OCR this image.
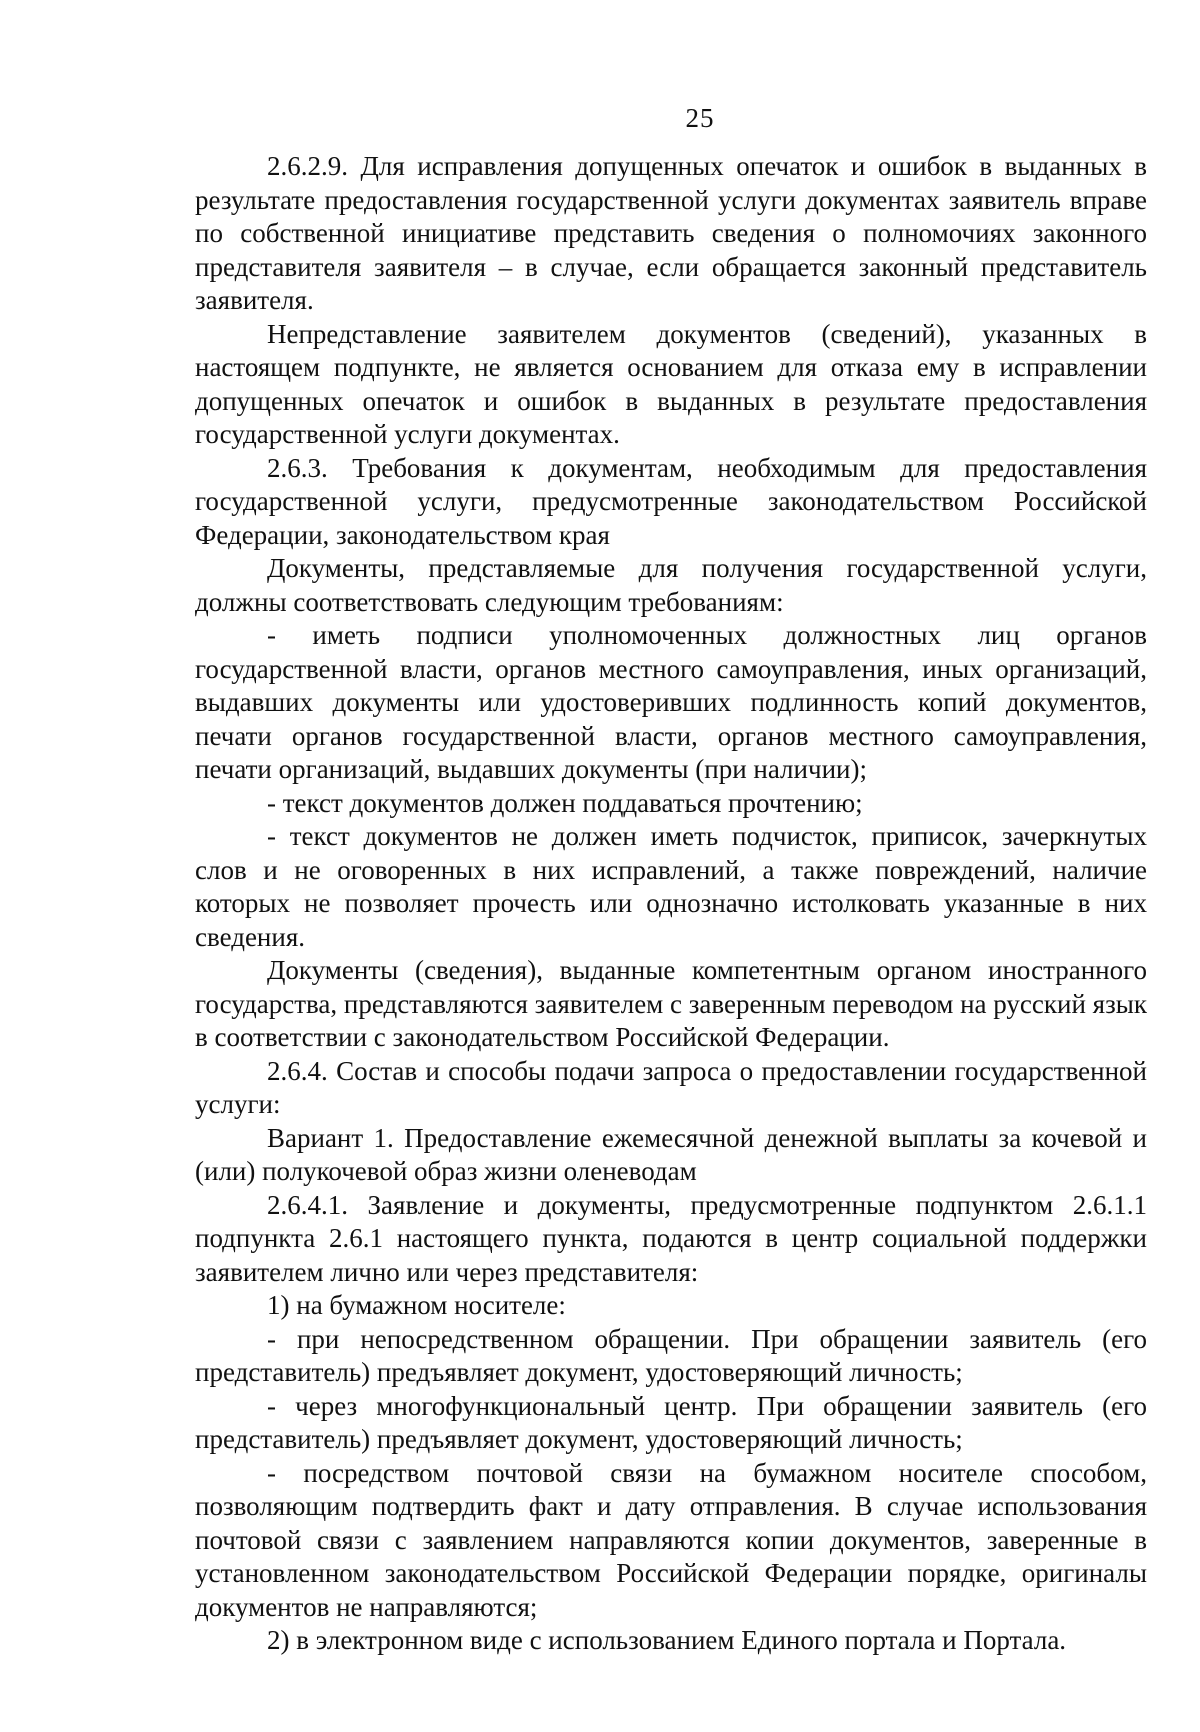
25

2.6.2.9. Для исправления допущенных опечаток и ошибок в выданных в результате предоставления государственной услуги документах заявитель вправе по собственной инициативе представить сведения о полномочиях законного представителя заявителя – в случае, если обращается законный представитель заявителя.

Непредставление заявителем документов (сведений), указанных в настоящем подпункте, не является основанием для отказа ему в исправлении допущенных опечаток и ошибок в выданных в результате предоставления государственной услуги документах.

2.6.3. Требования к документам, необходимым для предоставления государственной услуги, предусмотренные законодательством Российской Федерации, законодательством края

Документы, представляемые для получения государственной услуги, должны соответствовать следующим требованиям:

- иметь подписи уполномоченных должностных лиц органов государственной власти, органов местного самоуправления, иных организаций, выдавших документы или удостоверивших подлинность копий документов, печати органов государственной власти, органов местного самоуправления, печати организаций, выдавших документы (при наличии);

- текст документов должен поддаваться прочтению;

- текст документов не должен иметь подчисток, приписок, зачеркнутых слов и не оговоренных в них исправлений, а также повреждений, наличие которых не позволяет прочесть или однозначно истолковать указанные в них сведения.

Документы (сведения), выданные компетентным органом иностранного государства, представляются заявителем с заверенным переводом на русский язык в соответствии с законодательством Российской Федерации.

2.6.4. Состав и способы подачи запроса о предоставлении государственной услуги:

Вариант 1. Предоставление ежемесячной денежной выплаты за кочевой и (или) полукочевой образ жизни оленеводам

2.6.4.1. Заявление и документы, предусмотренные подпунктом 2.6.1.1 подпункта 2.6.1 настоящего пункта, подаются в центр социальной поддержки заявителем лично или через представителя:

1) на бумажном носителе:

- при непосредственном обращении. При обращении заявитель (его представитель) предъявляет документ, удостоверяющий личность;

- через многофункциональный центр. При обращении заявитель (его представитель) предъявляет документ, удостоверяющий личность;

- посредством почтовой связи на бумажном носителе способом, позволяющим подтвердить факт и дату отправления. В случае использования почтовой связи с заявлением направляются копии документов, заверенные в установленном законодательством Российской Федерации порядке, оригиналы документов не направляются;

2) в электронном виде с использованием Единого портала и Портала.
